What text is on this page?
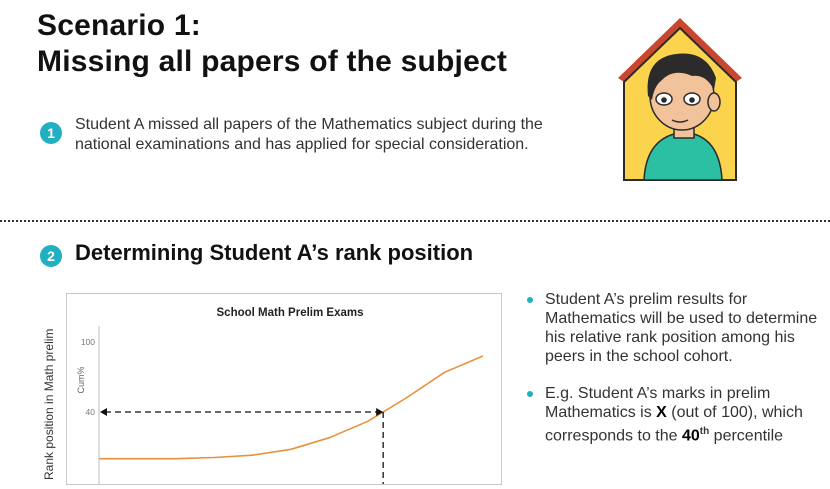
Scenario 1:
Missing all papers of the subject
1	Student A missed all papers of the Mathematics subject during the national examinations and has applied for special consideration.
2 Determining Student A’s rank position
Rank position in Math prelim
School Math Prelim Exams
Cum%
100
40
Student A’s prelim results for Mathematics will be used to determine his relative rank position among his peers in the school cohort.
E.g. Student A’s marks in prelim Mathematics is X (out of 100), which corresponds to the 40th percentile
